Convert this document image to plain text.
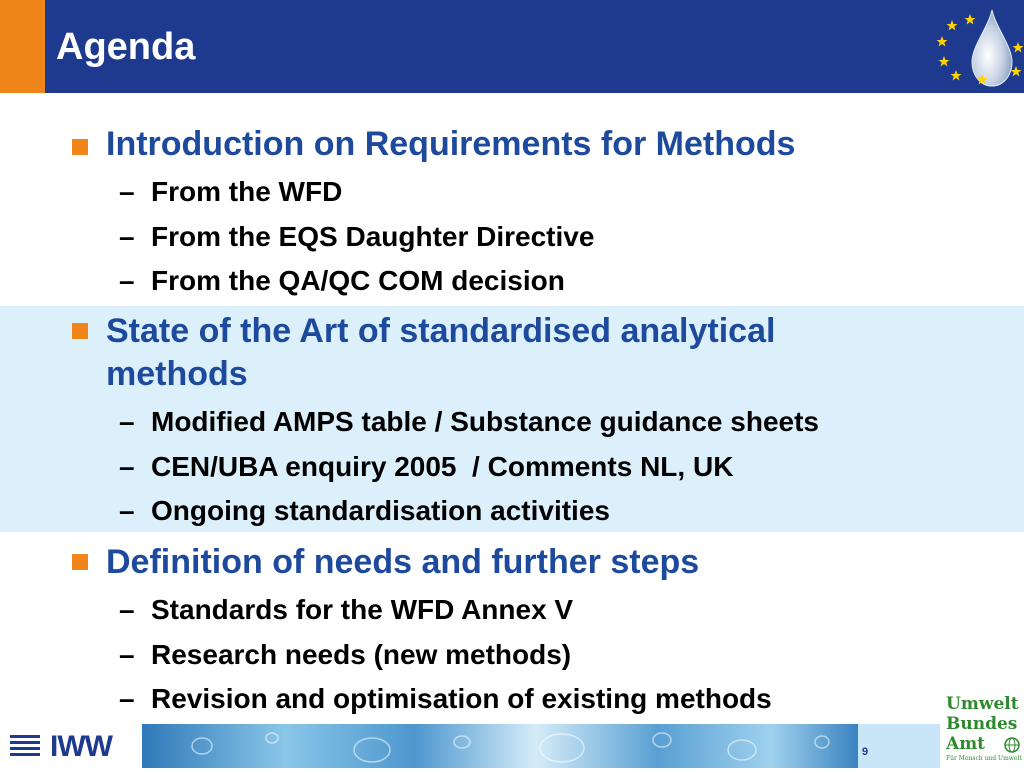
Agenda
Introduction on Requirements for Methods
– From the WFD
– From the EQS Daughter Directive
– From the QA/QC COM decision
State of the Art of standardised analytical
methods
– Modified AMPS table / Substance guidance sheets
– CEN/UBA enquiry 2005  / Comments NL, UK
– Ongoing standardisation activities
Definition of needs and further steps
– Standards for the WFD Annex V
– Research needs (new methods)
– Revision and optimisation of existing methods
9
IWW
Umwelt
Bundes
Amt
Für Mensch und Umwelt
